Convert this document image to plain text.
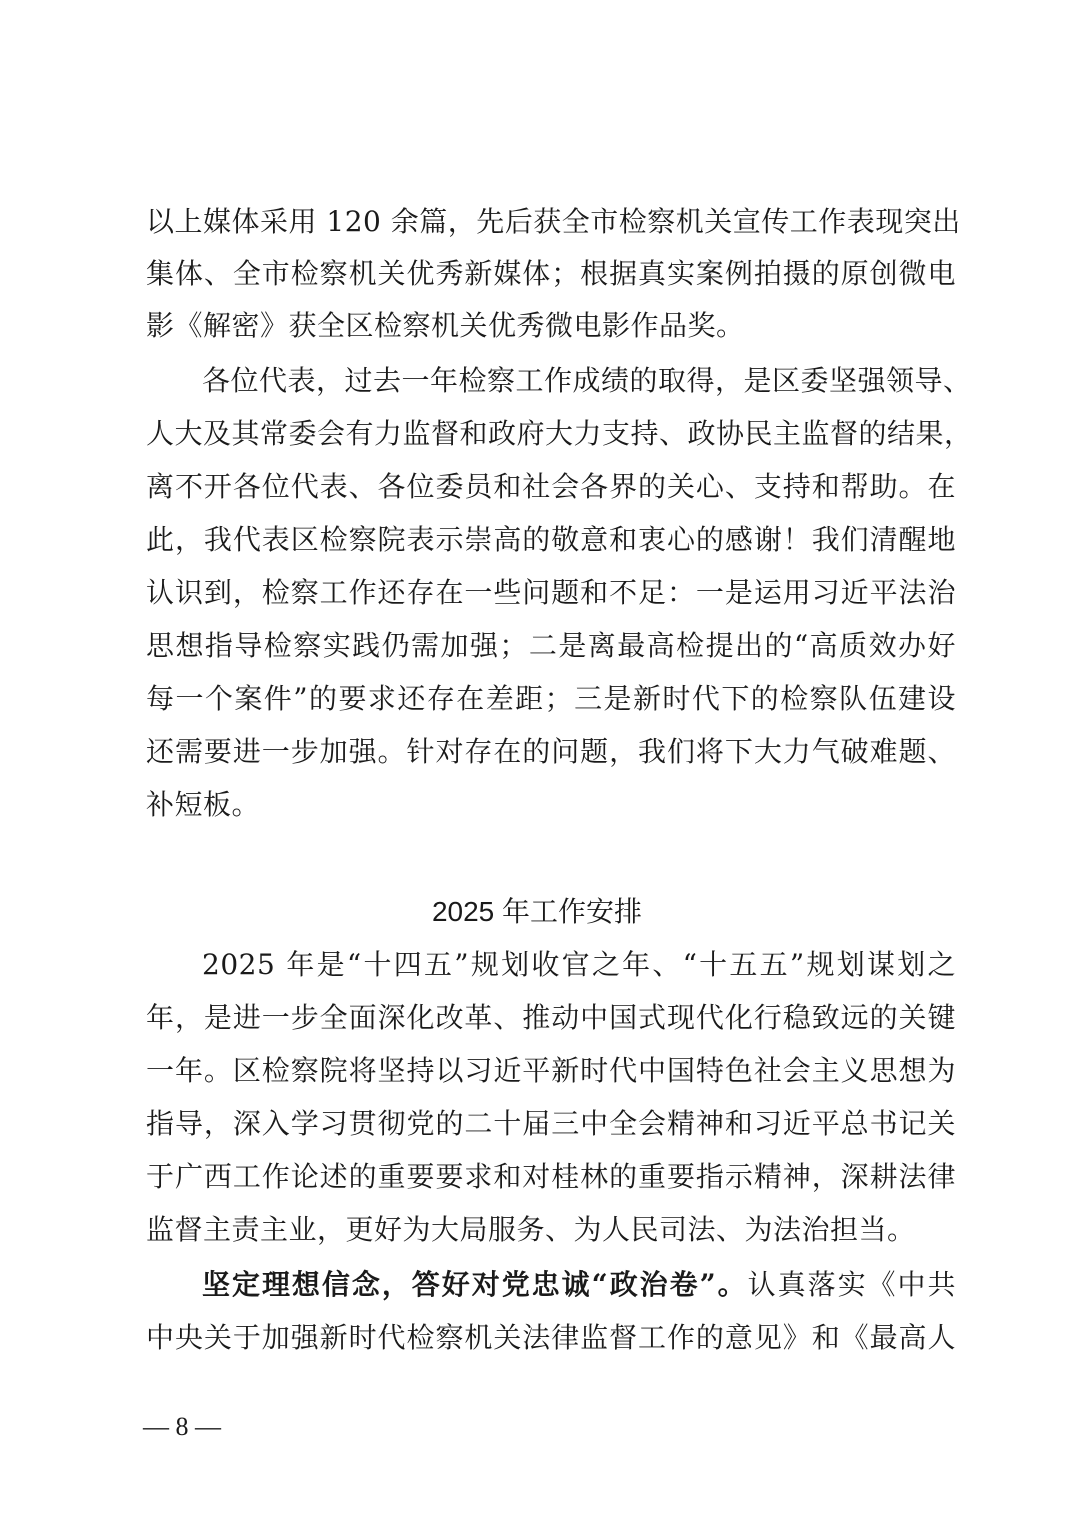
以上媒体采用 120 余篇，先后获全市检察机关宣传工作表现突出
集体、全市检察机关优秀新媒体；根据真实案例拍摄的原创微电
影《解密》获全区检察机关优秀微电影作品奖。
各位代表，过去一年检察工作成绩的取得，是区委坚强领导、
人大及其常委会有力监督和政府大力支持、政协民主监督的结果，
离不开各位代表、各位委员和社会各界的关心、支持和帮助。在
此，我代表区检察院表示崇高的敬意和衷心的感谢！我们清醒地
认识到，检察工作还存在一些问题和不足：一是运用习近平法治
思想指导检察实践仍需加强；二是离最高检提出的“高质效办好
每一个案件”的要求还存在差距；三是新时代下的检察队伍建设
还需要进一步加强。针对存在的问题，我们将下大力气破难题、
补短板。
2025 年工作安排
2025 年是“十四五”规划收官之年、“十五五”规划谋划之
年，是进一步全面深化改革、推动中国式现代化行稳致远的关键
一年。区检察院将坚持以习近平新时代中国特色社会主义思想为
指导，深入学习贯彻党的二十届三中全会精神和习近平总书记关
于广西工作论述的重要要求和对桂林的重要指示精神，深耕法律
监督主责主业，更好为大局服务、为人民司法、为法治担当。
坚定理想信念，答好对党忠诚“政治卷”。认真落实《中共
中央关于加强新时代检察机关法律监督工作的意见》和《最高人
— 8 —
